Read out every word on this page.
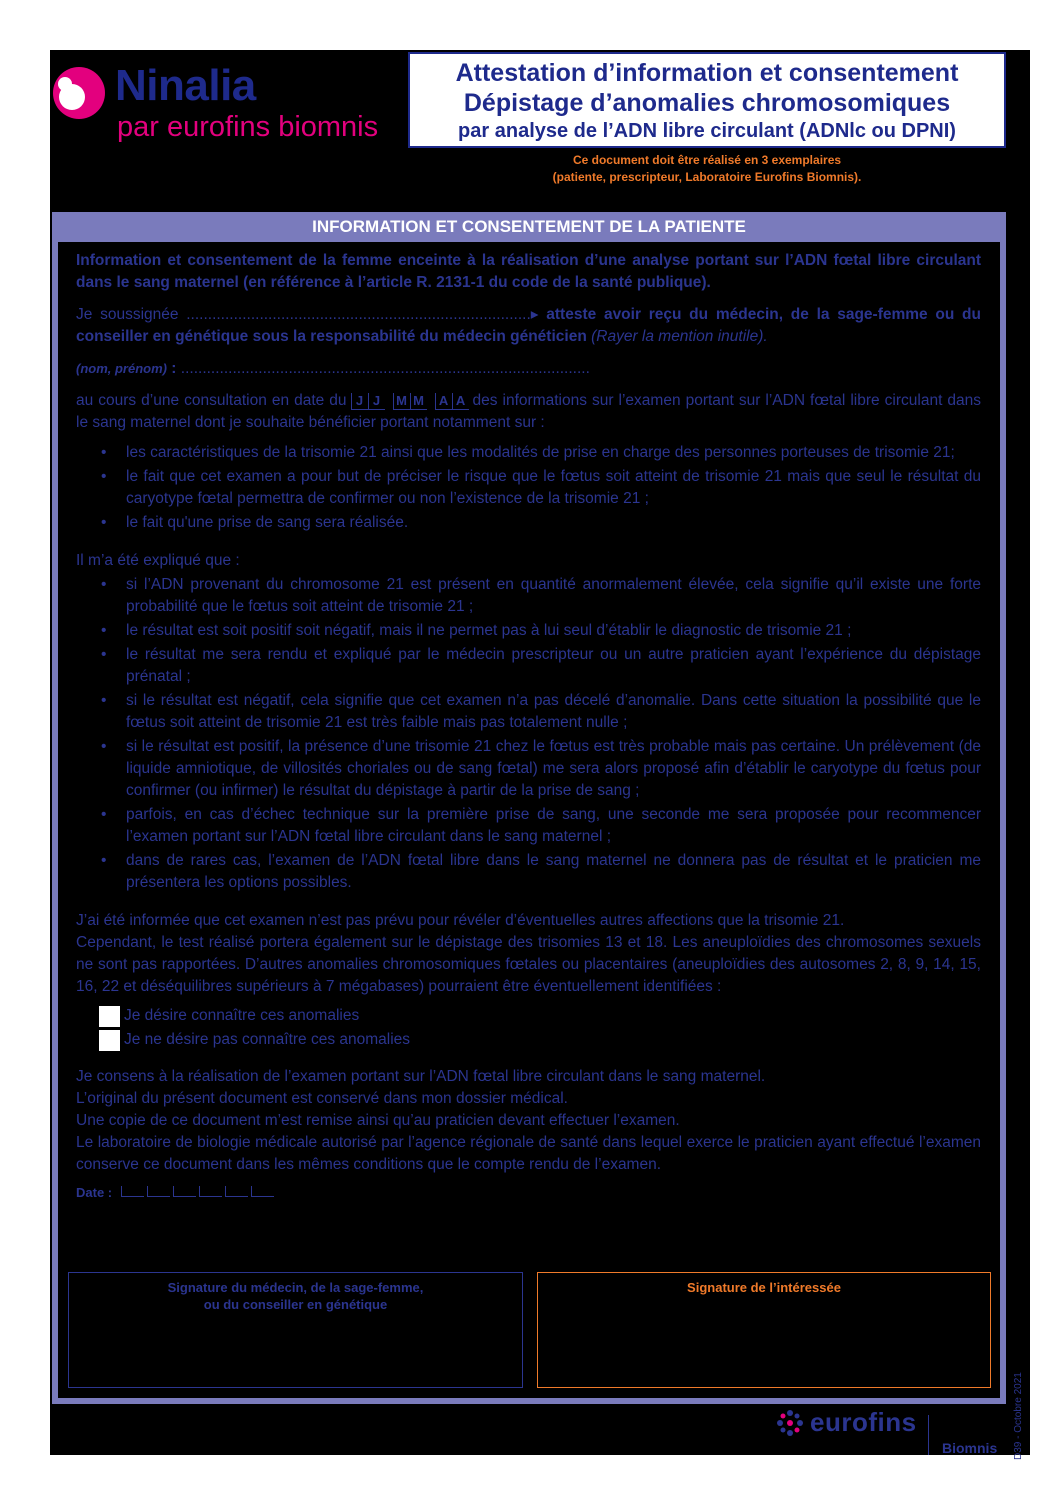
Ninalia
par eurofins biomnis
Attestation d’information et consentement
Dépistage d’anomalies chromosomiques
par analyse de l’ADN libre circulant (ADNlc ou DPNI)
Ce document doit être réalisé en 3 exemplaires
(patiente, prescripteur, Laboratoire Eurofins Biomnis).
INFORMATION ET CONSENTEMENT DE LA PATIENTE

Information et consentement de la femme enceinte à la réalisation d’une analyse portant sur l’ADN fœtal libre circulant dans le sang maternel (en référence à l’article R. 2131-1 du code de la santé publique).

Je soussignée ................................................................................▸ atteste avoir reçu du médecin, de la sage-femme ou du conseiller en génétique sous la responsabilité du médecin généticien (Rayer la mention inutile).

(nom, prénom) : ...............................................................................................

au cours d’une consultation en date du J J M M A A des informations sur l’examen portant sur l’ADN fœtal libre circulant dans le sang maternel dont je souhaite bénéficier portant notamment sur :

• les caractéristiques de la trisomie 21 ainsi que les modalités de prise en charge des personnes porteuses de trisomie 21;
• le fait que cet examen a pour but de préciser le risque que le fœtus soit atteint de trisomie 21 mais que seul le résultat du caryotype fœtal permettra de confirmer ou non l’existence de la trisomie 21 ;
• le fait qu'une prise de sang sera réalisée.

Il m’a été expliqué que :

• si l’ADN provenant du chromosome 21 est présent en quantité anormalement élevée, cela signifie qu’il existe une forte probabilité que le fœtus soit atteint de trisomie 21 ;
• le résultat est soit positif soit négatif, mais il ne permet pas à lui seul d’établir le diagnostic de trisomie 21 ;
• le résultat me sera rendu et expliqué par le médecin prescripteur ou un autre praticien ayant l’expérience du dépistage prénatal ;
• si le résultat est négatif, cela signifie que cet examen n’a pas décelé d’anomalie. Dans cette situation la possibilité que le fœtus soit atteint de trisomie 21 est très faible mais pas totalement nulle ;
• si le résultat est positif, la présence d’une trisomie 21 chez le fœtus est très probable mais pas certaine. Un prélèvement (de liquide amniotique, de villosités choriales ou de sang fœtal) me sera alors proposé afin d’établir le caryotype du fœtus pour confirmer (ou infirmer) le résultat du dépistage à partir de la prise de sang ;
• parfois, en cas d’échec technique sur la première prise de sang, une seconde me sera proposée pour recommencer l’examen portant sur l’ADN fœtal libre circulant dans le sang maternel ;
• dans de rares cas, l’examen de l’ADN fœtal libre dans le sang maternel ne donnera pas de résultat et le praticien me présentera les options possibles.

J’ai été informée que cet examen n’est pas prévu pour révéler d’éventuelles autres affections que la trisomie 21.

Cependant, le test réalisé portera également sur le dépistage des trisomies 13 et 18. Les aneuploïdies des chromosomes sexuels ne sont pas rapportées. D’autres anomalies chromosomiques fœtales ou placentaires (aneuploïdies des autosomes 2, 8, 9, 14, 15, 16, 22 et déséquilibres supérieurs à 7 mégabases) pourraient être éventuellement identifiées :

Je désire connaître ces anomalies
Je ne désire pas connaître ces anomalies

Je consens à la réalisation de l’examen portant sur l’ADN fœtal libre circulant dans le sang maternel.

L’original du présent document est conservé dans mon dossier médical.

Une copie de ce document m’est remise ainsi qu’au praticien devant effectuer l’examen.

Le laboratoire de biologie médicale autorisé par l’agence régionale de santé dans lequel exerce le praticien ayant effectué l’examen conserve ce document dans les mêmes conditions que le compte rendu de l’examen.

Date :
Signature du médecin, de la sage-femme,
ou du conseiller en génétique
Signature de l’intéressée
D39 - Octobre 2021
eurofins
Biomnis
